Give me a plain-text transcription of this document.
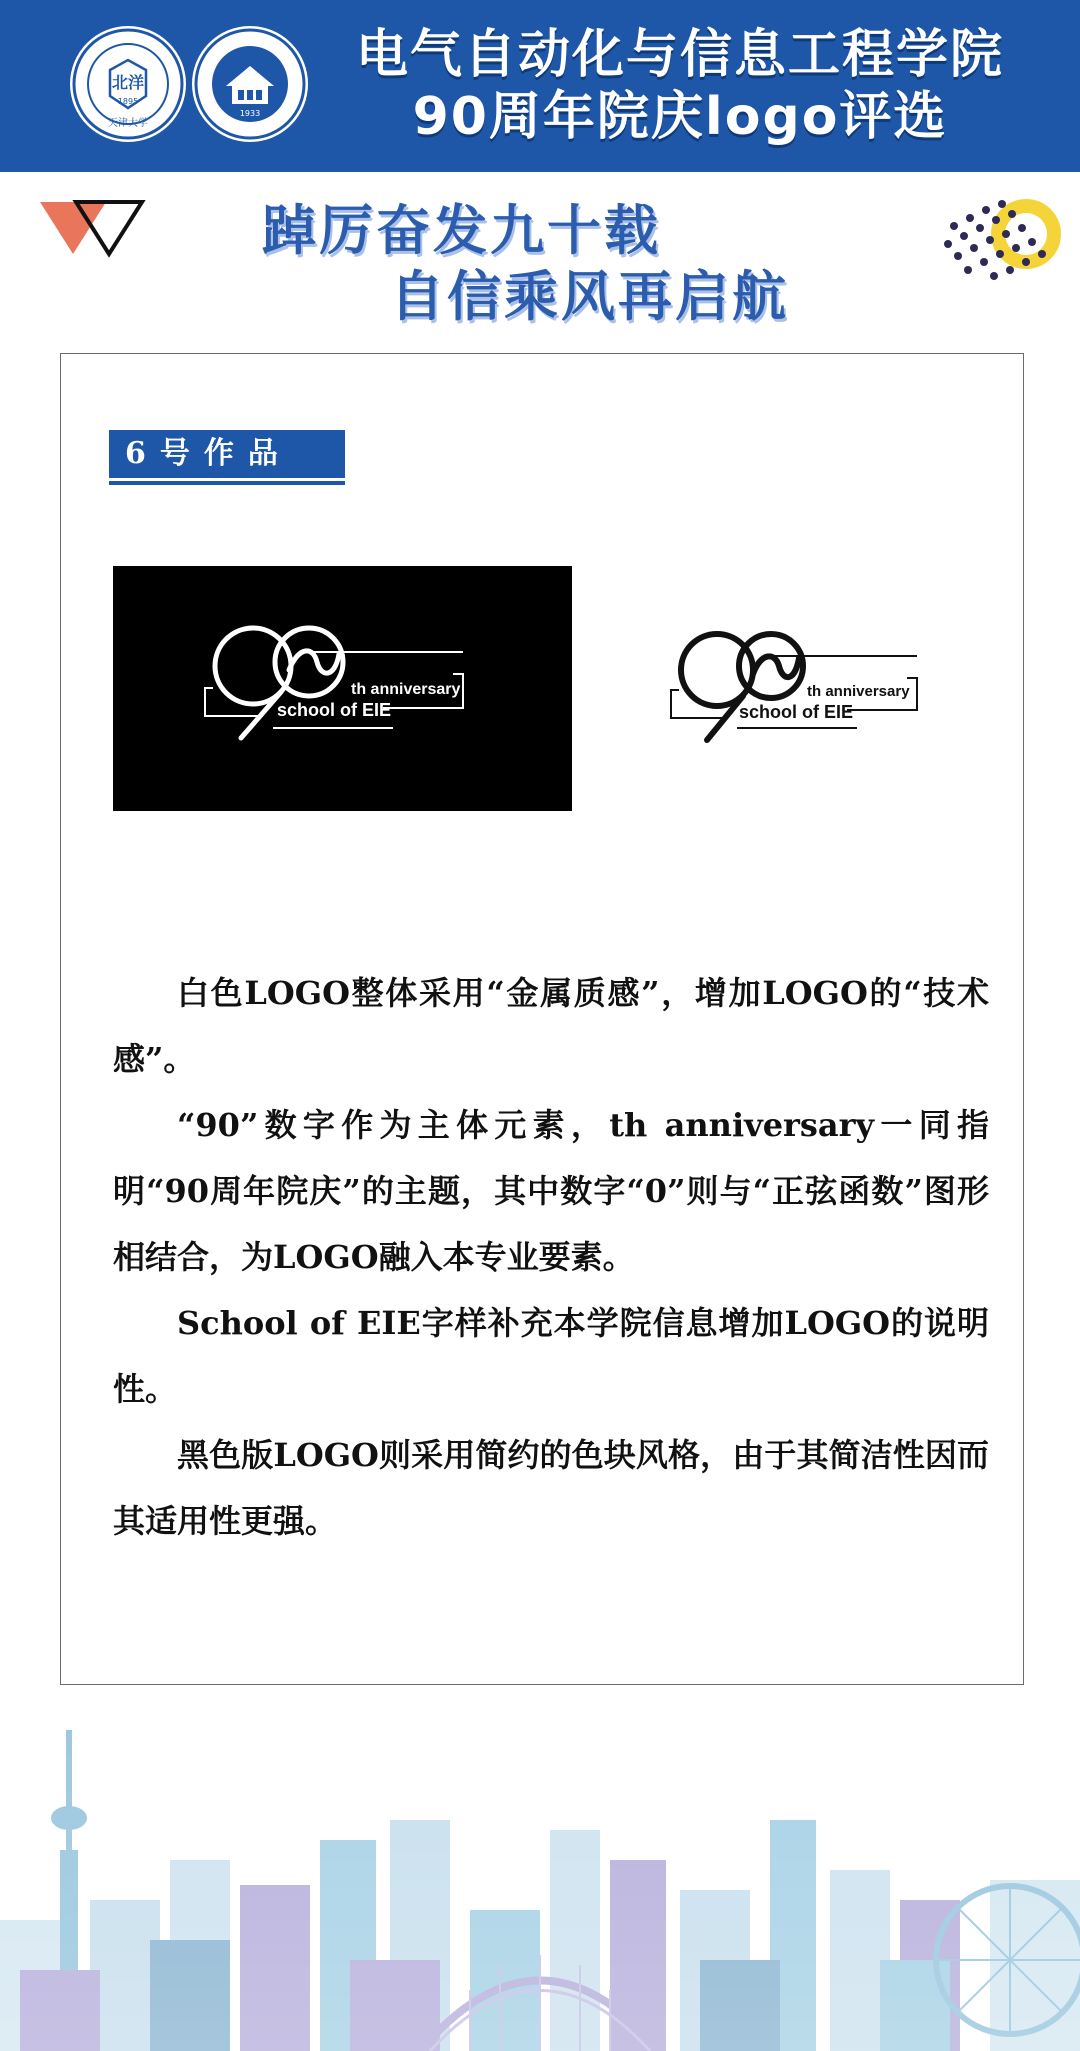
北洋
1895
天津大学
1933
电气自动化与信息工程学院
90周年院庆logo评选
踔厉奋发九十载
自信乘风再启航
6号作品
th anniversary
school of EIE
th anniversary
school of EIE

白色LOGO整体采用“金属质感”，增加LOGO的“技术感”。

“90”数字作为主体元素，th anniversary一同指明“90周年院庆”的主题，其中数字“0”则与“正弦函数”图形相结合，为LOGO融入本专业要素。

School of EIE字样补充本学院信息增加LOGO的说明性。

黑色版LOGO则采用简约的色块风格，由于其简洁性因而其适用性更强。
